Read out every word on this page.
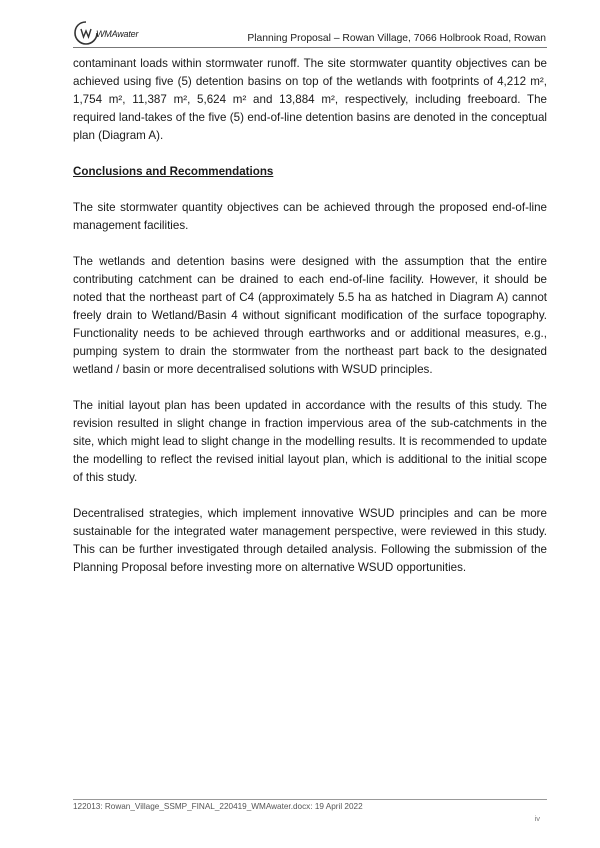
WMAwater	Planning Proposal – Rowan Village, 7066 Holbrook Road, Rowan

contaminant loads within stormwater runoff. The site stormwater quantity objectives can be achieved using five (5) detention basins on top of the wetlands with footprints of 4,212 m², 1,754 m², 11,387 m², 5,624 m² and 13,884 m², respectively, including freeboard. The required land-takes of the five (5) end-of-line detention basins are denoted in the conceptual plan (Diagram A).

Conclusions and Recommendations

The site stormwater quantity objectives can be achieved through the proposed end-of-line management facilities.

The wetlands and detention basins were designed with the assumption that the entire contributing catchment can be drained to each end-of-line facility. However, it should be noted that the northeast part of C4 (approximately 5.5 ha as hatched in Diagram A) cannot freely drain to Wetland/Basin 4 without significant modification of the surface topography. Functionality needs to be achieved through earthworks and or additional measures, e.g., pumping system to drain the stormwater from the northeast part back to the designated wetland / basin or more decentralised solutions with WSUD principles.

The initial layout plan has been updated in accordance with the results of this study. The revision resulted in slight change in fraction impervious area of the sub-catchments in the site, which might lead to slight change in the modelling results. It is recommended to update the modelling to reflect the revised initial layout plan, which is additional to the initial scope of this study.

Decentralised strategies, which implement innovative WSUD principles and can be more sustainable for the integrated water management perspective, were reviewed in this study. This can be further investigated through detailed analysis. Following the submission of the Planning Proposal before investing more on alternative WSUD opportunities.

122013: Rowan_Village_SSMP_FINAL_220419_WMAwater.docx: 19 April 2022
iv
